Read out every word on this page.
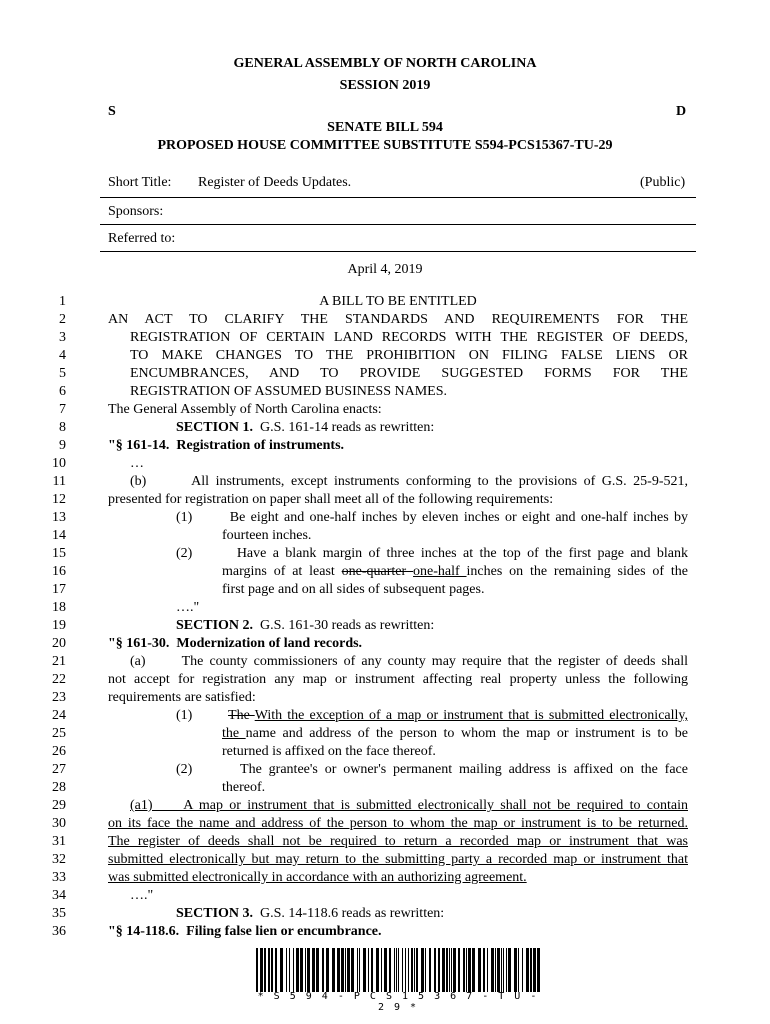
GENERAL ASSEMBLY OF NORTH CAROLINA
SESSION 2019
S	D
SENATE BILL 594
PROPOSED HOUSE COMMITTEE SUBSTITUTE S594-PCS15367-TU-29
Short Title: Register of Deeds Updates.	(Public)
Sponsors:
Referred to:
April 4, 2019
1	A BILL TO BE ENTITLED
2	AN  ACT  TO  CLARIFY  THE  STANDARDS  AND  REQUIREMENTS  FOR  THE
3	REGISTRATION OF CERTAIN LAND RECORDS WITH THE REGISTER OF DEEDS,
4	TO  MAKE  CHANGES  TO  THE  PROHIBITION  ON  FILING  FALSE  LIENS  OR
5	ENCUMBRANCES,  AND  TO  PROVIDE  SUGGESTED  FORMS  FOR  THE
6	REGISTRATION OF ASSUMED BUSINESS NAMES.
7	The General Assembly of North Carolina enacts:
8	SECTION 1.  G.S. 161-14 reads as rewritten:
9	"§ 161-14.  Registration of instruments.
10	…
11	(b)       All instruments, except instruments conforming to the provisions of G.S. 25-9-521,
12	presented for registration on paper shall meet all of the following requirements:
13	(1)       Be eight and one-half inches by eleven inches or eight and one-half inches by
14	fourteen inches.
15	(2)       Have a blank margin of three inches at the top of the first page and blank
16	margins of at least one-quarter one-half inches on the remaining sides of the
17	first page and on all sides of subsequent pages.
18	…."
19	SECTION 2.  G.S. 161-30 reads as rewritten:
20	"§ 161-30.  Modernization of land records.
21	(a)      The county commissioners of any county may require that the register of deeds shall
22	not accept for registration any map or instrument affecting real property unless the following
23	requirements are satisfied:
24	(1)       The With the exception of a map or instrument that is submitted electronically,
25	the name and address of the person to whom the map or instrument is to be
26	returned is affixed on the face thereof.
27	(2)       The grantee's or owner's permanent mailing address is affixed on the face
28	thereof.
29	(a1)     A map or instrument that is submitted electronically shall not be required to contain
30	on its face the name and address of the person to whom the map or instrument is to be returned.
31	The register of deeds shall not be required to return a recorded map or instrument that was
32	submitted electronically but may return to the submitting party a recorded map or instrument that
33	was submitted electronically in accordance with an authorizing agreement.
34	…."
35	SECTION 3.  G.S. 14-118.6 reads as rewritten:
36	"§ 14-118.6.  Filing false lien or encumbrance.
* S 5 9 4 - P C S 1 5 3 6 7 - T U - 2 9 *
